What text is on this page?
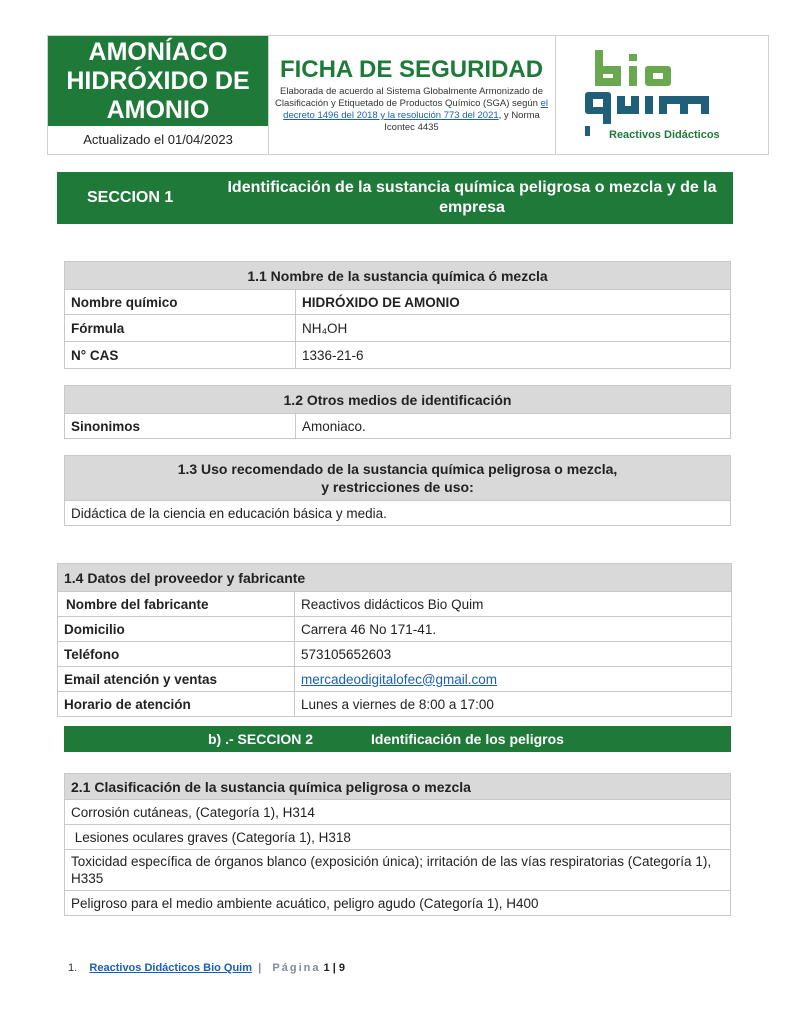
AMONÍACO
HIDRÓXIDO DE
AMONIO
Actualizado el 01/04/2023
FICHA DE SEGURIDAD
Elaborada de acuerdo al Sistema Globalmente Armonizado de Clasificación y Etiquetado de Productos Químico (SGA) según el decreto 1496 del 2018 y la resolución 773 del 2021, y Norma Icontec 4435
Reactivos Didácticos
SECCION 1
Identificación de la sustancia química peligrosa o mezcla y de la empresa
1.1 Nombre de la sustancia química ó mezcla	
Nombre químico	HIDRÓXIDO DE AMONIO
Fórmula	NH₄OH
N° CAS	1336-21-6
1.2 Otros medios de identificación
Sinonimos	Amoniaco.
1.3 Uso recomendado de la sustancia química peligrosa o mezcla,
y restricciones de uso:

Didáctica de la ciencia en educación básica y media.
1.4 Datos del proveedor y fabricante	
Nombre del fabricante	Reactivos didácticos Bio Quim
Domicilio	Carrera 46 No 171-41.
Teléfono	573105652603
Email atención y ventas	mercadeodigitalofec@gmail.com
Horario de atención	Lunes a viernes de 8:00 a 17:00
b) .- SECCION 2	Identificación de los peligros
2.1 Clasificación de la sustancia química peligrosa o mezcla
Corrosión cutáneas, (Categoría 1), H314
Lesiones oculares graves (Categoría 1), H318
Toxicidad específica de órganos blanco (exposición única); irritación de las vías respiratorias (Categoría 1), H335
Peligroso para el medio ambiente acuático, peligro agudo (Categoría 1), H400
1. Reactivos Didácticos Bio Quim | Página 1 | 9
